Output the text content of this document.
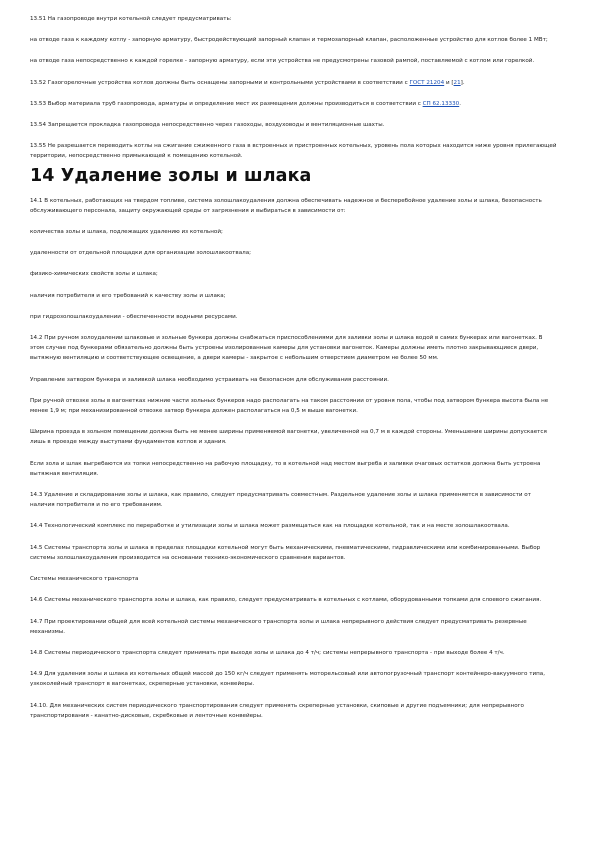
13.51 На газопроводе внутри котельной следует предусматривать:

на отводе газа к каждому котлу - запорную арматуру, быстродействующий запорный клапан и термозапорный клапан, расположенные устройство для котлов более 1 МВт;

на отводе газа непосредственно к каждой горелке - запорную арматуру, если эти устройства не предусмотрены газовой рампой, поставляемой с котлом или горелкой.

13.52 Газогорелочные устройства котлов должны быть оснащены запорными и контрольными устройствами в соответствии с ГОСТ 21204 и [21].

13.53 Выбор материала труб газопровода, арматуры и определение мест их размещения должны производиться в соответствии с СП 62.13330.

13.54 Запрещается прокладка газопровода непосредственно через газоходы, воздуховоды и вентиляционные шахты.

13.55 Не разрешается переводить котлы на сжигание сжиженного газа в встроенных и пристроенных котельных, уровень пола которых находится ниже уровня прилегающей территории, непосредственно примыкающей к помещению котельной.

14 Удаление золы и шлака

14.1 В котельных, работающих на твердом топливе, система золошлакоудаления должна обеспечивать надежное и бесперебойное удаление золы и шлака, безопасность обслуживающего персонала, защиту окружающей среды от загрязнения и выбираться в зависимости от:

количества золы и шлака, подлежащих удалению из котельной;

удаленности от отдельной площадки для организации золошлакоотвала;

физико-химических свойств золы и шлака;

наличия потребителя и его требований к качеству золы и шлака;

при гидрозолошлакоудалении - обеспеченности водными ресурсами.

14.2 При ручном золоудалении шлаковые и зольные бункера должны снабжаться приспособлениями для заливки золы и шлака водой в самих бункерах или вагонетках. В этом случае под бункерами обязательно должны быть устроены изолированные камеры для установки вагонеток. Камеры должны иметь плотно закрывающиеся двери, вытяжную вентиляцию и соответствующее освещение, а двери камеры - закрытое с небольшим отверстием диаметром не более 50 мм.

Управление затвором бункера и заливкой шлака необходимо устраивать на безопасном для обслуживания расстоянии.

При ручной отвозке золы в вагонетках нижние части зольных бункеров надо располагать на таком расстоянии от уровня пола, чтобы под затвором бункера высота была не менее 1,9 м; при механизированной отвозке затвор бункера должен располагаться на 0,5 м выше вагонетки.

Ширина проезда в зольном помещении должна быть не менее ширины применяемой вагонетки, увеличенной на 0,7 м в каждой стороны. Уменьшение ширины допускается лишь в проезде между выступами фундаментов котлов и здания.

Если зола и шлак выгребаются из топки непосредственно на рабочую площадку, то в котельной над местом выгреба и заливки очаговых остатков должна быть устроена вытяжная вентиляция.

14.3 Удаление и складирование золы и шлака, как правило, следует предусматривать совместным. Раздельное удаление золы и шлака применяется в зависимости от наличия потребителя и по его требованиям.

14.4 Технологический комплекс по переработке и утилизации золы и шлака может размещаться как на площадке котельной, так и на месте золошлакоотвала.

14.5 Системы транспорта золы и шлака в пределах площадки котельной могут быть механическими, пневматическими, гидравлическими или комбинированными. Выбор системы золошлакоудаления производится на основании технико-экономического сравнения вариантов.

Системы механического транспорта

14.6 Системы механического транспорта золы и шлака, как правило, следует предусматривать в котельных с котлами, оборудованными топками для слоевого сжигания.

14.7 При проектировании общей для всей котельной системы механического транспорта золы и шлака непрерывного действия следует предусматривать резервные механизмы.

14.8 Системы периодического транспорта следует принимать при выходе золы и шлака до 4 т/ч; системы непрерывного транспорта - при выходе более 4 т/ч.

14.9 Для удаления золы и шлака из котельных общей массой до 150 кг/ч следует применять моторельсовый или автопогрузочный транспорт контейнеро-вакуумного типа, узкоколейный транспорт в вагонетках, скреперные установки, конвейеры.

14.10. Для механических систем периодического транспортирования следует применять скреперные установки, скиповые и другие подъемники; для непрерывного транспортирования - канатно-дисковые, скребковые и ленточные конвейеры.
